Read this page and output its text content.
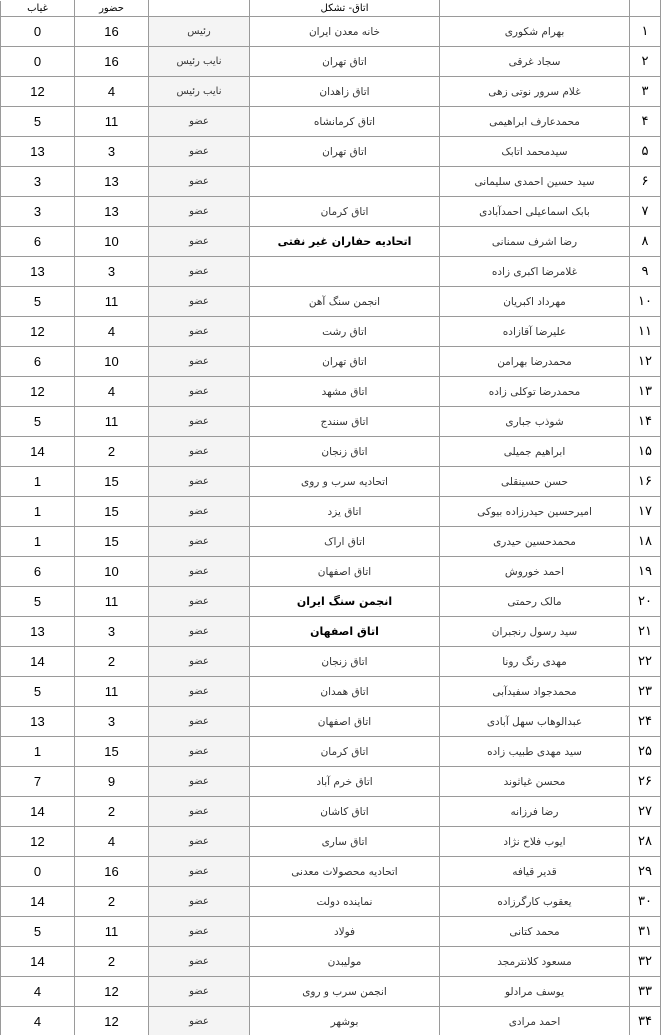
غیاب	حضور		اتاق- تشکل		
0	16	رئیس	خانه معدن ایران	بهرام شکوری	۱
0	16	نایب رئیس	اتاق تهران	سجاد غرقی	۲
12	4	نایب رئیس	اتاق زاهدان	غلام سرور نوتی زهی	۳
5	11	عضو	اتاق کرمانشاه	محمدعارف ابراهیمی	۴
13	3	عضو	اتاق تهران	سیدمحمد اتابک	۵
3	13	عضو		سید حسین احمدی سلیمانی	۶
3	13	عضو	اتاق کرمان	بابک اسماعیلی احمدآبادی	۷
6	10	عضو	اتحادیه حفاران غیر نفتی	رضا اشرف سمنانی	۸
13	3	عضو		غلامرضا اکبری زاده	۹
5	11	عضو	انجمن سنگ آهن	مهرداد اکبریان	۱۰
12	4	عضو	اتاق رشت	علیرضا آقازاده	۱۱
6	10	عضو	اتاق تهران	محمدرضا بهرامن	۱۲
12	4	عضو	اتاق مشهد	محمدرضا توکلی زاده	۱۳
5	11	عضو	اتاق سنندج	شوذب جباری	۱۴
14	2	عضو	اتاق زنجان	ابراهیم جمیلی	۱۵
1	15	عضو	اتحادیه سرب و روی	حسن حسینقلی	۱۶
1	15	عضو	اتاق یزد	امیرحسین حیدرزاده بیوکی	۱۷
1	15	عضو	اتاق اراک	محمدحسین حیدری	۱۸
6	10	عضو	اتاق اصفهان	احمد خوروش	۱۹
5	11	عضو	انجمن سنگ ایران	مالک رحمتی	۲۰
13	3	عضو	اتاق اصفهان	سید رسول رنجبران	۲۱
14	2	عضو	اتاق زنجان	مهدی رنگ رونا	۲۲
5	11	عضو	اتاق همدان	محمدجواد سفیدآبی	۲۳
13	3	عضو	اتاق اصفهان	عبدالوهاب سهل آبادی	۲۴
1	15	عضو	اتاق کرمان	سید مهدی طبیب زاده	۲۵
7	9	عضو	اتاق خرم آباد	محسن غیاثوند	۲۶
14	2	عضو	اتاق کاشان	رضا فرزانه	۲۷
12	4	عضو	اتاق ساری	ایوب فلاح نژاد	۲۸
0	16	عضو	اتحادیه محصولات معدنی	قدیر قیافه	۲۹
14	2	عضو	نماینده دولت	یعقوب کارگرزاده	۳۰
5	11	عضو	فولاد	محمد کتانی	۳۱
14	2	عضو	مولیبدن	مسعود کلانترمجد	۳۲
4	12	عضو	انجمن سرب و روی	یوسف مرادلو	۳۳
4	12	عضو	بوشهر	احمد مرادی	۳۴
